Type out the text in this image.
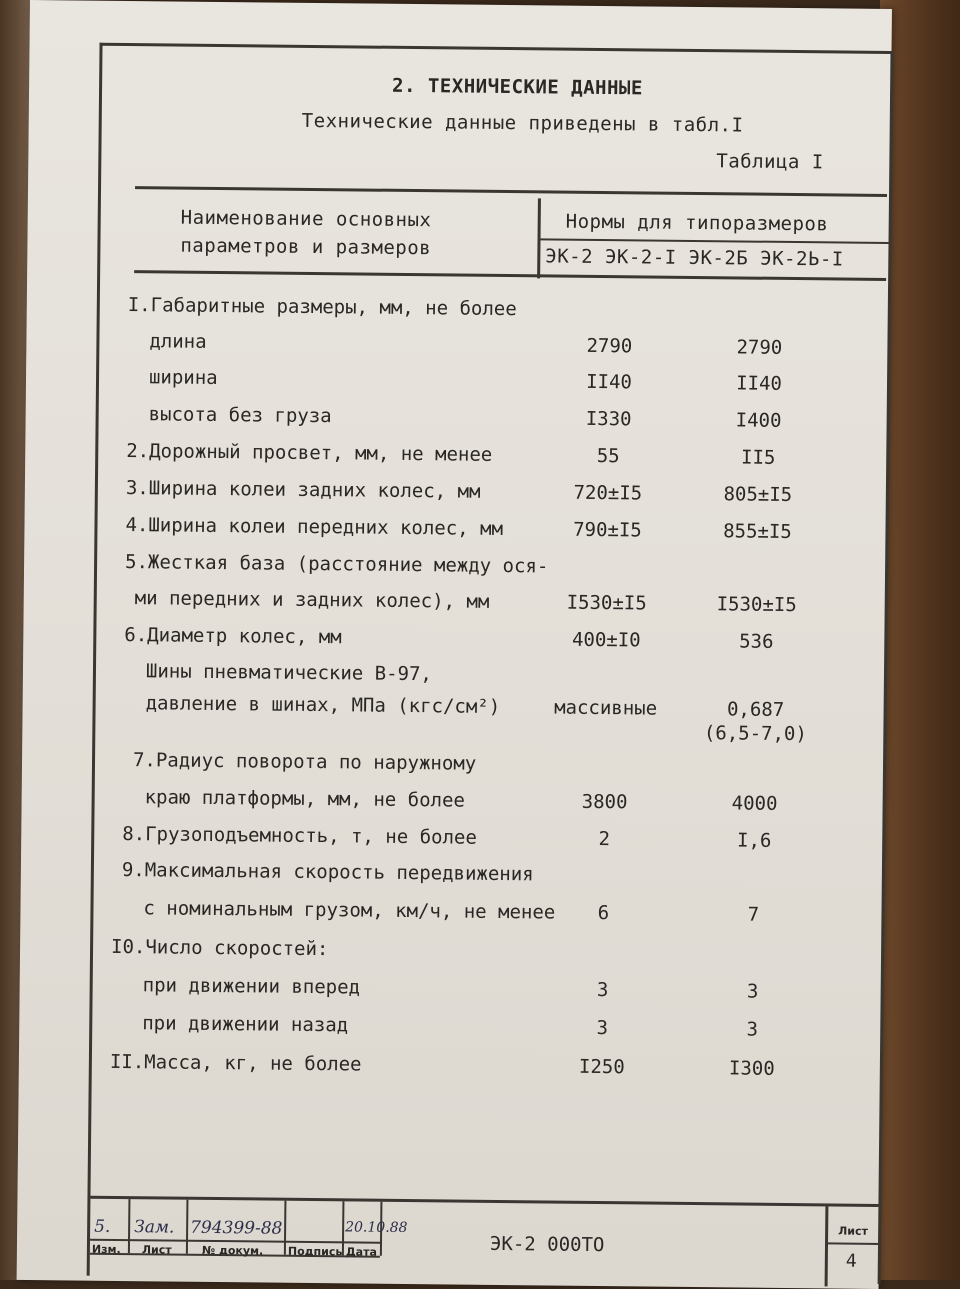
2. ТЕХНИЧЕСКИЕ ДАННЫЕ
Технические данные приведены в табл.I
Таблица I
Наименование основных
параметров и размеров
Нормы для типоразмеров
ЭК-2 ЭК-2-I ЭК-2Б ЭК-2Ь-I
I.Габаритные размеры, мм, не более
длина	2790	2790
ширина	II40	II40
высота без груза	I330	I400
2.Дорожный просвет, мм, не менее	55	II5
3.Ширина колеи задних колес, мм	720±I5	805±I5
4.Ширина колеи передних колес, мм	790±I5	855±I5
5.Жесткая база (расстояние между ося-
ми передних и задних колес), мм	I530±I5	I530±I5
6.Диаметр колес, мм	400±I0	536
Шины пневматические В-97,
давление в шинах, МПа (кгс/см²)	массивные	0,687
(6,5-7,0)
7.Радиус поворота по наружному
краю платформы, мм, не более	3800	4000
8.Грузоподъемность, т, не более	2	I,6
9.Максимальная скорость передвижения
с номинальным грузом, км/ч, не менее	6	7
I0.Число скоростей:
при движении вперед	3	3
при движении назад	3	3
II.Масса, кг, не более	I250	I300
5. Зам. 794399-88	20.10.88
Изм. Лист	№ докум. Подпись Дата	ЭК-2 000ТО
Лист
4
